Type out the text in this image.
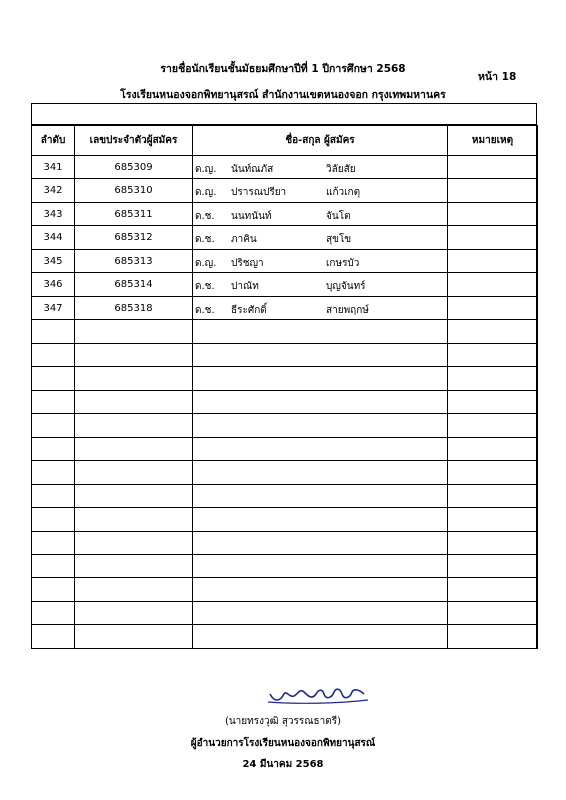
รายชื่อนักเรียนชั้นมัธยมศึกษาปีที่ 1 ปีการศึกษา 2568
หน้า 18
โรงเรียนหนองจอกพิทยานุสรณ์ สำนักงานเขตหนองจอก กรุงเทพมหานคร
ลำดับ	เลขประจำตัวผู้สมัคร	ชื่อ-สกุล ผู้สมัคร	หมายเหตุ
341	685309	ด.ญ. นันท์ณภัส วิลัยสัย	

342	685310	ด.ญ. ปรารณปรียา แก้วเกตุ	

343	685311	ด.ช. นนทนันท์ จันโต	

344	685312	ด.ช. ภาคิน สุขโข	

345	685313	ด.ญ. ปริชญา เกษรบัว	

346	685314	ด.ช. ปาณัท บุญจันทร์	

347	685318	ด.ช. ธีระศักดิ์ สายพฤกษ์	

(นายทรงวุฒิ สุวรรณธาตรี)
ผู้อำนวยการโรงเรียนหนองจอกพิทยานุสรณ์
24 มีนาคม 2568
